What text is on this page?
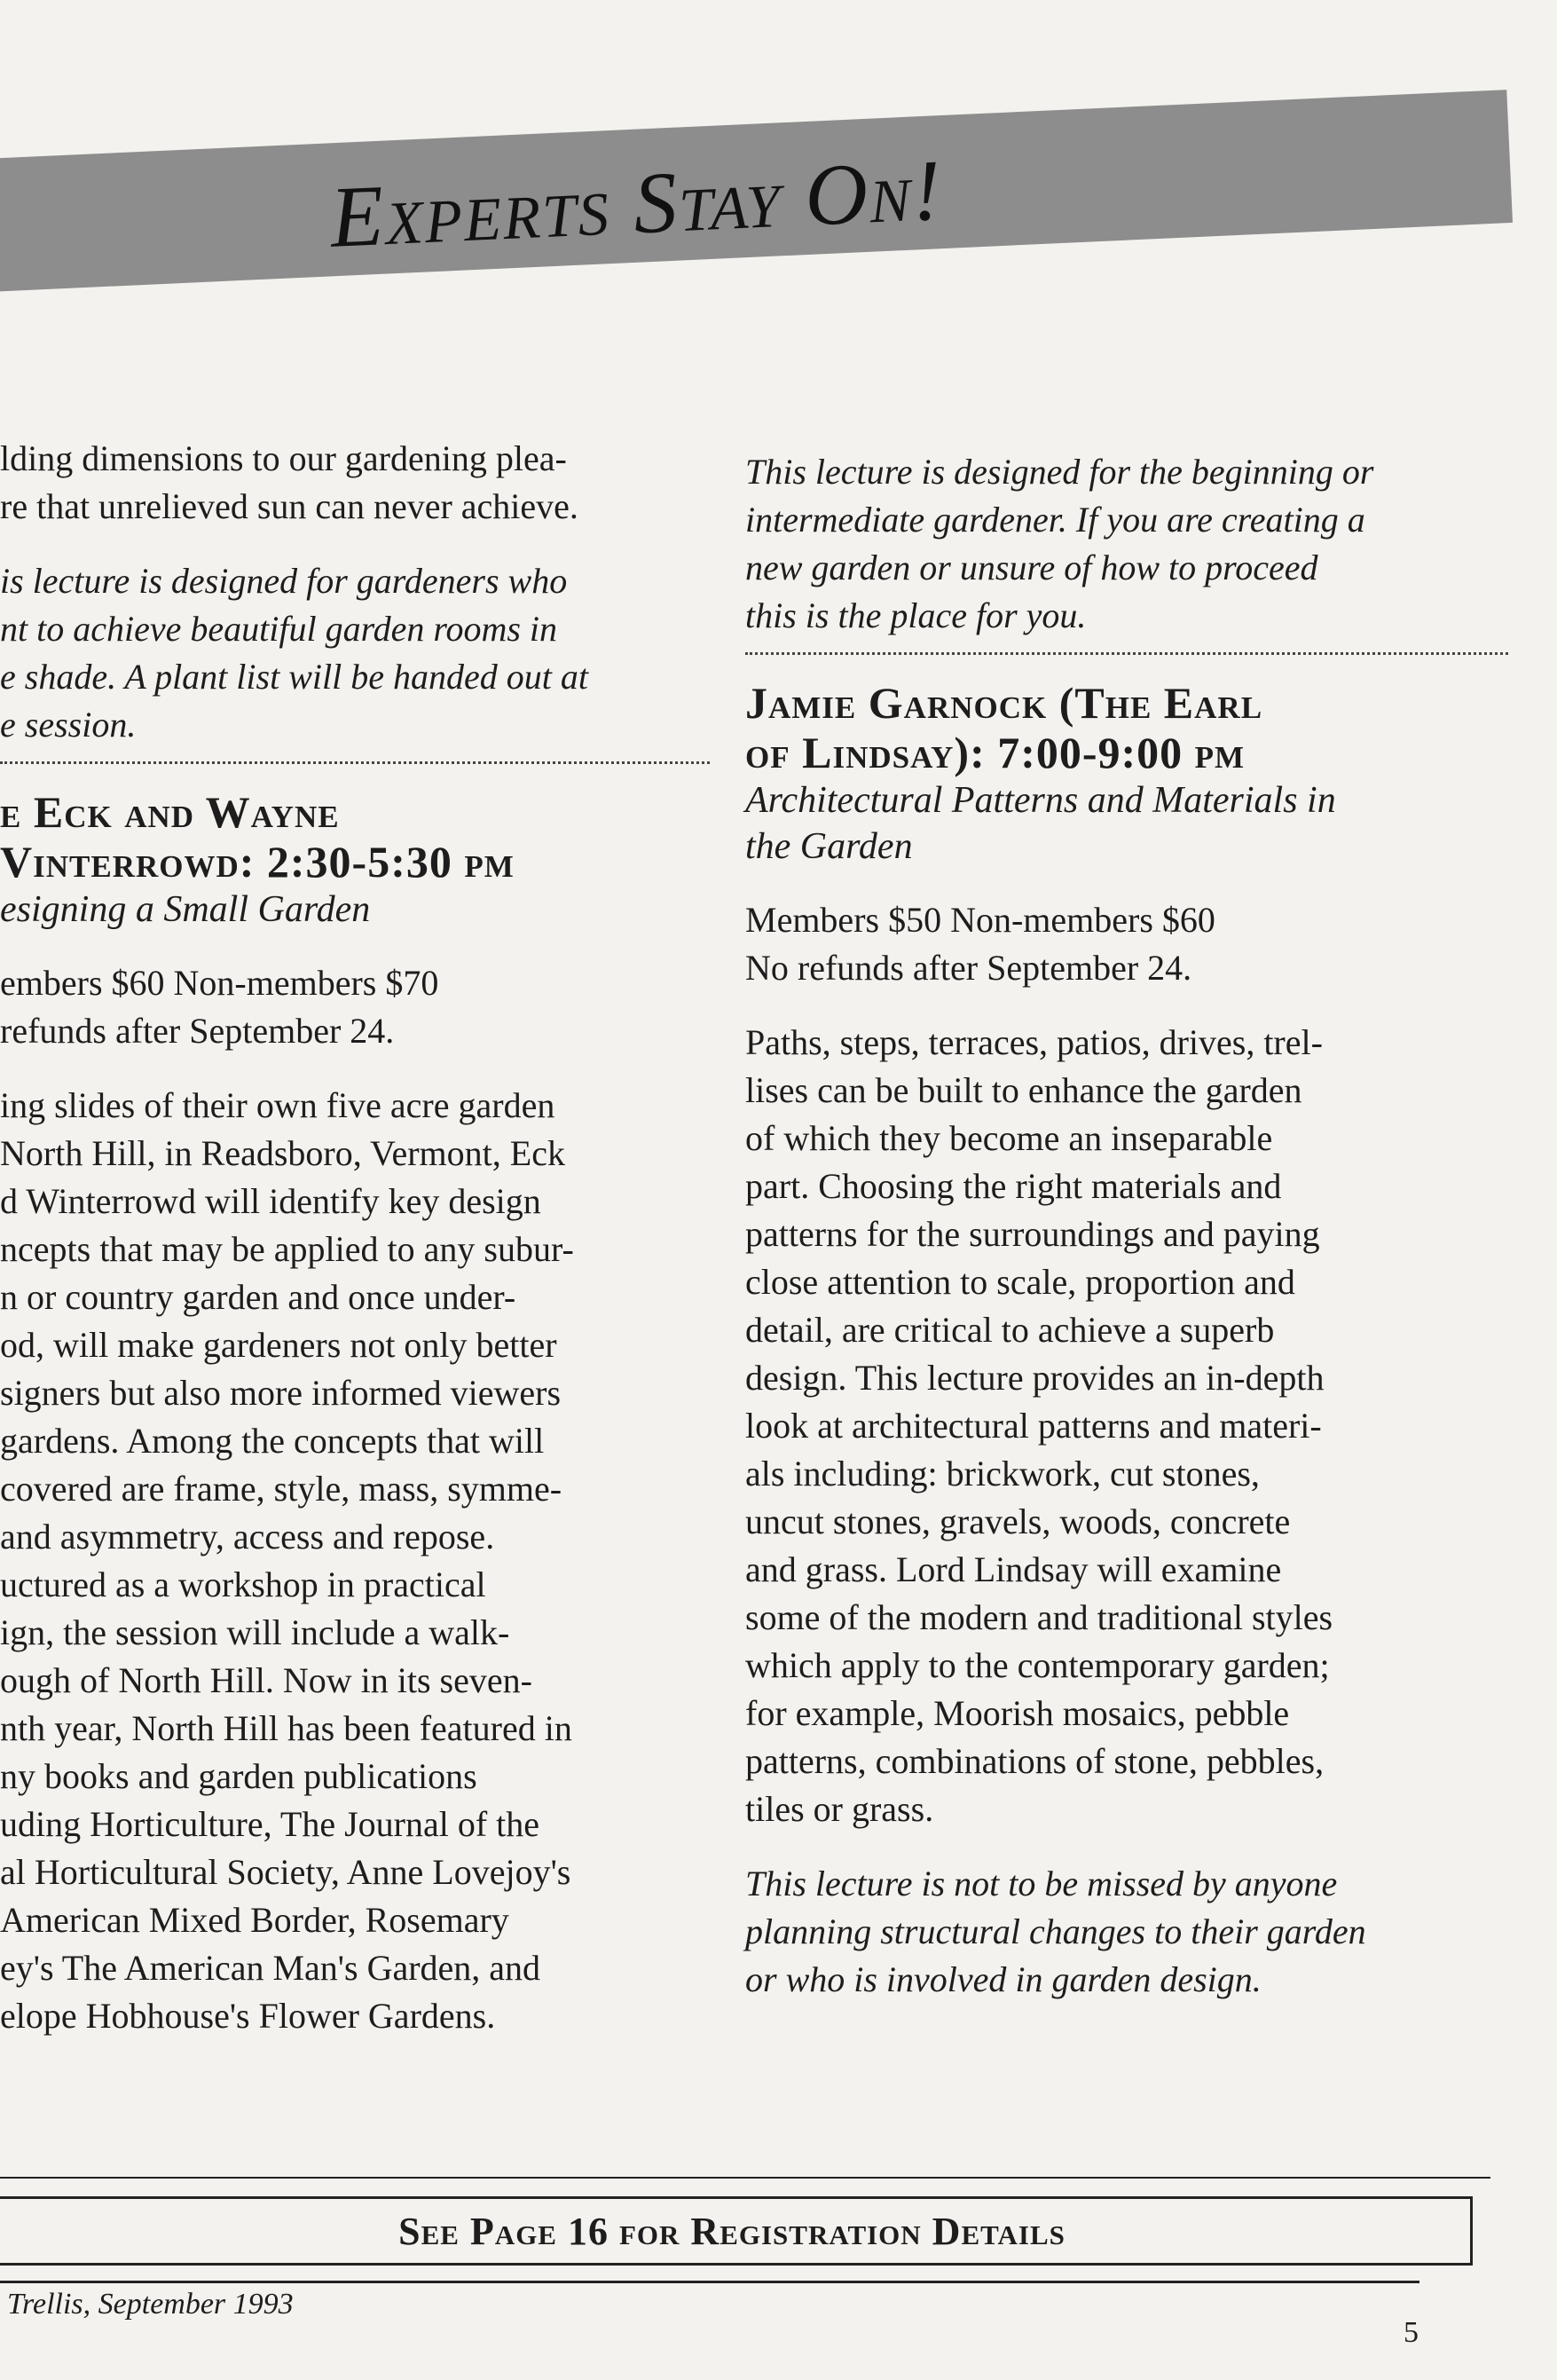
Experts Stay On!

lding dimensions to our gardening plea-

re that unrelieved sun can never achieve.

is lecture is designed for gardeners who

nt to achieve beautiful garden rooms in

e shade. A plant list will be handed out at

e session.

e Eck and Wayne

Vinterrowd: 2:30-5:30 pm

esigning a Small Garden

embers $60 Non-members $70

refunds after September 24.

ing slides of their own five acre garden

North Hill, in Readsboro, Vermont, Eck

d Winterrowd will identify key design

ncepts that may be applied to any subur-

n or country garden and once under-

od, will make gardeners not only better

signers but also more informed viewers

gardens. Among the concepts that will

covered are frame, style, mass, symme-

and asymmetry, access and repose.

uctured as a workshop in practical

ign, the session will include a walk-

ough of North Hill. Now in its seven-

nth year, North Hill has been featured in

ny books and garden publications

uding Horticulture, The Journal of the

al Horticultural Society, Anne Lovejoy's

American Mixed Border, Rosemary

ey's The American Man's Garden, and

elope Hobhouse's Flower Gardens.

This lecture is designed for the beginning or

intermediate gardener. If you are creating a

new garden or unsure of how to proceed

this is the place for you.

Jamie Garnock (The Earl

of Lindsay): 7:00-9:00 pm

Architectural Patterns and Materials in

the Garden

Members $50 Non-members $60

No refunds after September 24.

Paths, steps, terraces, patios, drives, trel-

lises can be built to enhance the garden

of which they become an inseparable

part. Choosing the right materials and

patterns for the surroundings and paying

close attention to scale, proportion and

detail, are critical to achieve a superb

design. This lecture provides an in-depth

look at architectural patterns and materi-

als including: brickwork, cut stones,

uncut stones, gravels, woods, concrete

and grass. Lord Lindsay will examine

some of the modern and traditional styles

which apply to the contemporary garden;

for example, Moorish mosaics, pebble

patterns, combinations of stone, pebbles,

tiles or grass.

This lecture is not to be missed by anyone

planning structural changes to their garden

or who is involved in garden design.

See Page 16 for Registration Details
Trellis, September 1993
5
